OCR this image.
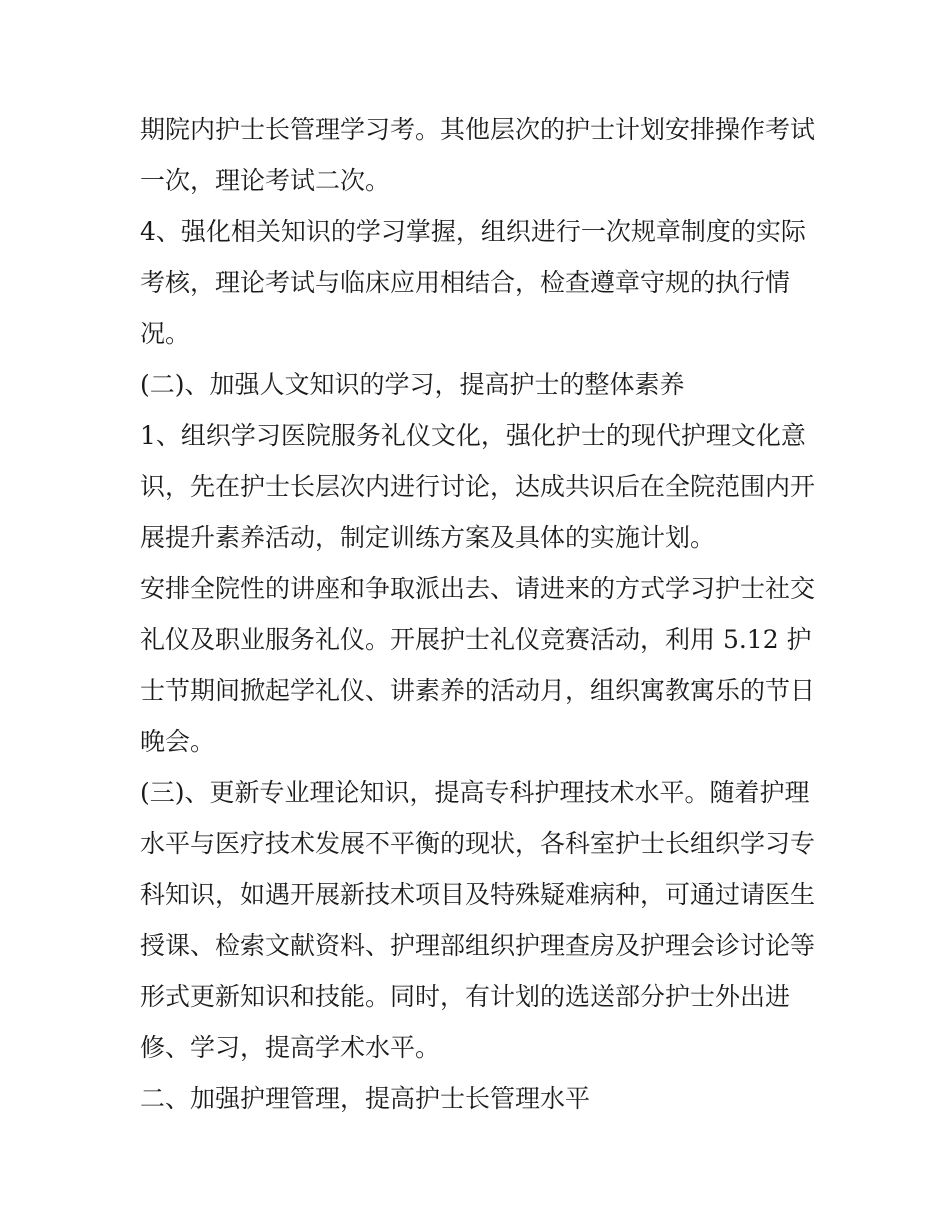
期院内护士长管理学习考。其他层次的护士计划安排操作考试一次，理论考试二次。

4、强化相关知识的学习掌握，组织进行一次规章制度的实际考核，理论考试与临床应用相结合，检查遵章守规的执行情况。

(二)、加强人文知识的学习，提高护士的整体素养

1、组织学习医院服务礼仪文化，强化护士的现代护理文化意识，先在护士长层次内进行讨论，达成共识后在全院范围内开展提升素养活动，制定训练方案及具体的实施计划。

安排全院性的讲座和争取派出去、请进来的方式学习护士社交礼仪及职业服务礼仪。开展护士礼仪竞赛活动，利用 5.12 护士节期间掀起学礼仪、讲素养的活动月，组织寓教寓乐的节日晚会。

(三)、更新专业理论知识，提高专科护理技术水平。随着护理水平与医疗技术发展不平衡的现状，各科室护士长组织学习专科知识，如遇开展新技术项目及特殊疑难病种，可通过请医生授课、检索文献资料、护理部组织护理查房及护理会诊讨论等形式更新知识和技能。同时，有计划的选送部分护士外出进修、学习，提高学术水平。

二、加强护理管理，提高护士长管理水平
